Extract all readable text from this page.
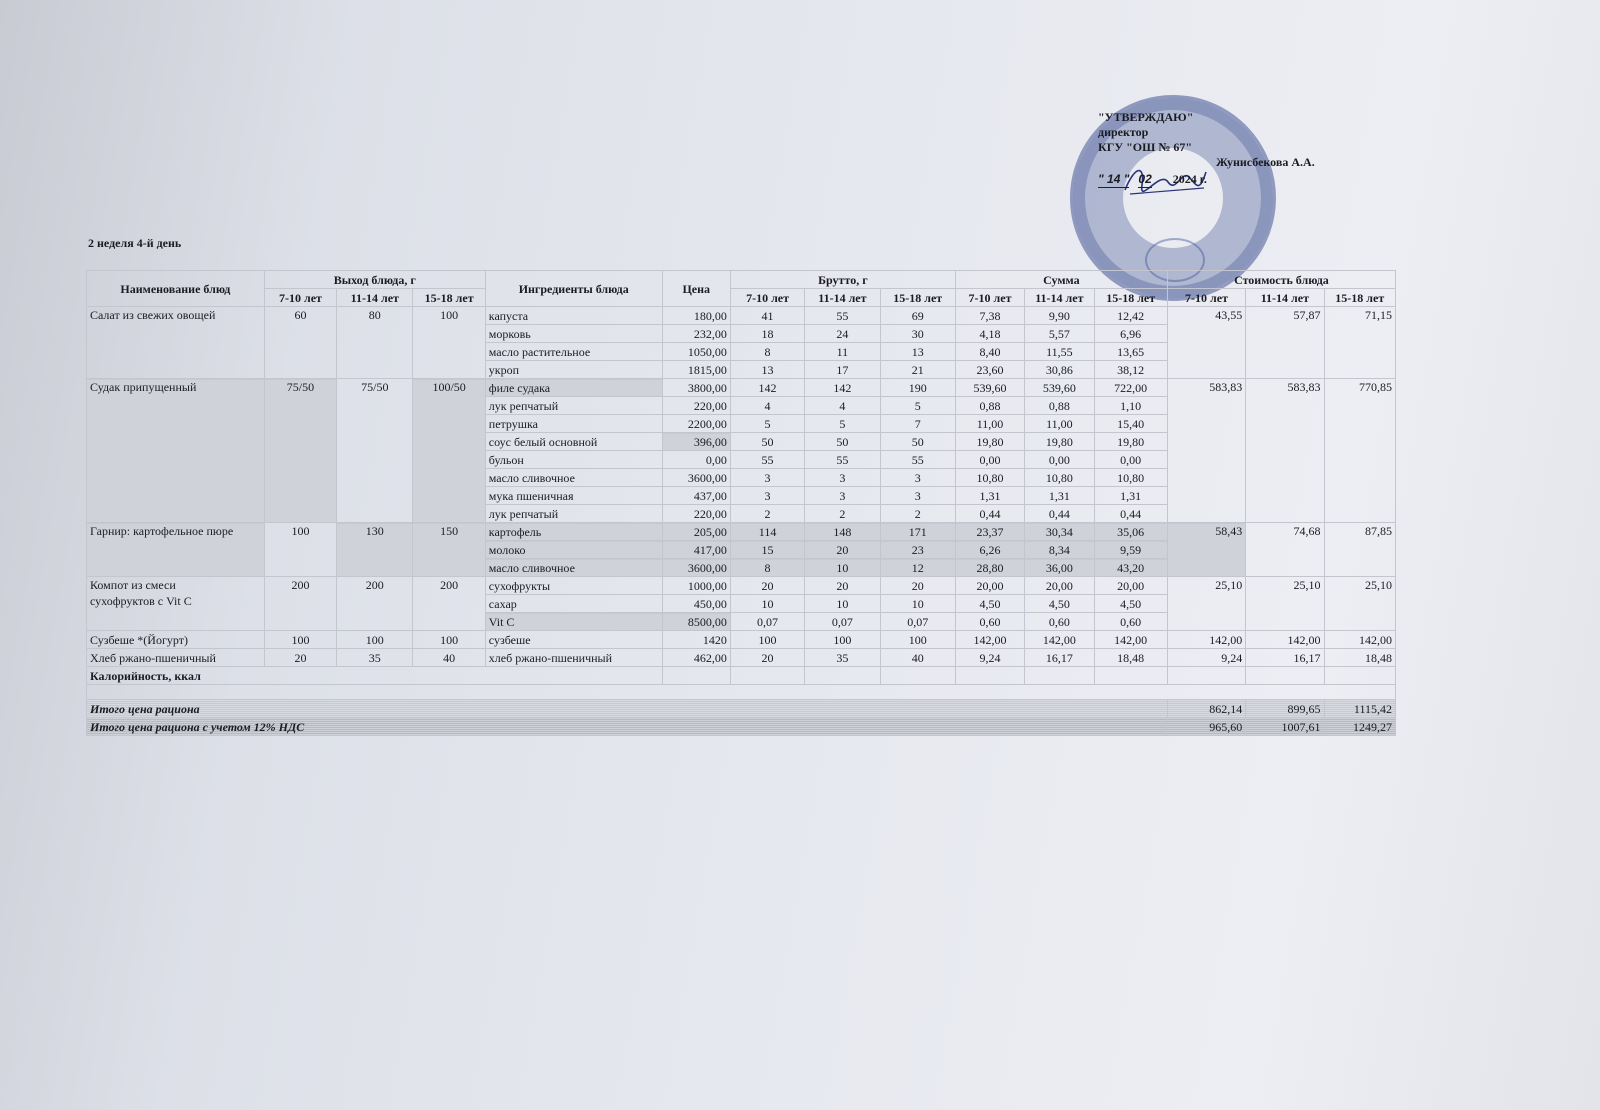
"УТВЕРЖДАЮ"
директор
КГУ "ОШ № 67"
Жунисбекова А.А.
" 14 " 02 2024 г.
2 неделя 4-й день
Наименование блюд	Выход блюда, г			Ингредиенты блюда	Цена	Брутто, г			Сумма			Стоимость блюда		
	7-10 лет	11-14 лет	15-18 лет			7-10 лет	11-14 лет	15-18 лет	7-10 лет	11-14 лет	15-18 лет	7-10 лет	11-14 лет	15-18 лет
Салат из свежих овощей	60	80	100	капуста	180,00	41	55	69	7,38	9,90	12,42	43,55	57,87	71,15
				морковь	232,00	18	24	30	4,18	5,57	6,96			
				масло растительное	1050,00	8	11	13	8,40	11,55	13,65			
				укроп	1815,00	13	17	21	23,60	30,86	38,12			
Судак припущенный	75/50	75/50	100/50	филе судака	3800,00	142	142	190	539,60	539,60	722,00	583,83	583,83	770,85
				лук репчатый	220,00	4	4	5	0,88	0,88	1,10			
				петрушка	2200,00	5	5	7	11,00	11,00	15,40			
				соус белый основной	396,00	50	50	50	19,80	19,80	19,80			
				бульон	0,00	55	55	55	0,00	0,00	0,00			
				масло сливочное	3600,00	3	3	3	10,80	10,80	10,80			
				мука пшеничная	437,00	3	3	3	1,31	1,31	1,31			
				лук репчатый	220,00	2	2	2	0,44	0,44	0,44			
Гарнир: картофельное пюре	100	130	150	картофель	205,00	114	148	171	23,37	30,34	35,06	58,43	74,68	87,85
				молоко	417,00	15	20	23	6,26	8,34	9,59			
				масло сливочное	3600,00	8	10	12	28,80	36,00	43,20			

Компот из смеси
сухофруктов с Vit C	200	200	200	сухофрукты	1000,00	20	20	20	20,00	20,00	20,00	25,10	25,10	25,10
				сахар	450,00	10	10	10	4,50	4,50	4,50			
				Vit C	8500,00	0,07	0,07	0,07	0,60	0,60	0,60			
Сузбеше *(Йогурт)	100	100	100	сузбеше	1420	100	100	100	142,00	142,00	142,00	142,00	142,00	142,00
Хлеб ржано-пшеничный	20	35	40	хлеб ржано-пшеничный	462,00	20	35	40	9,24	16,17	18,48	9,24	16,17	18,48
Калорийность, ккал														

Итого цена рациона												862,14	899,65	1115,42
Итого цена рациона с учетом 12% НДС												965,60	1007,61	1249,27
